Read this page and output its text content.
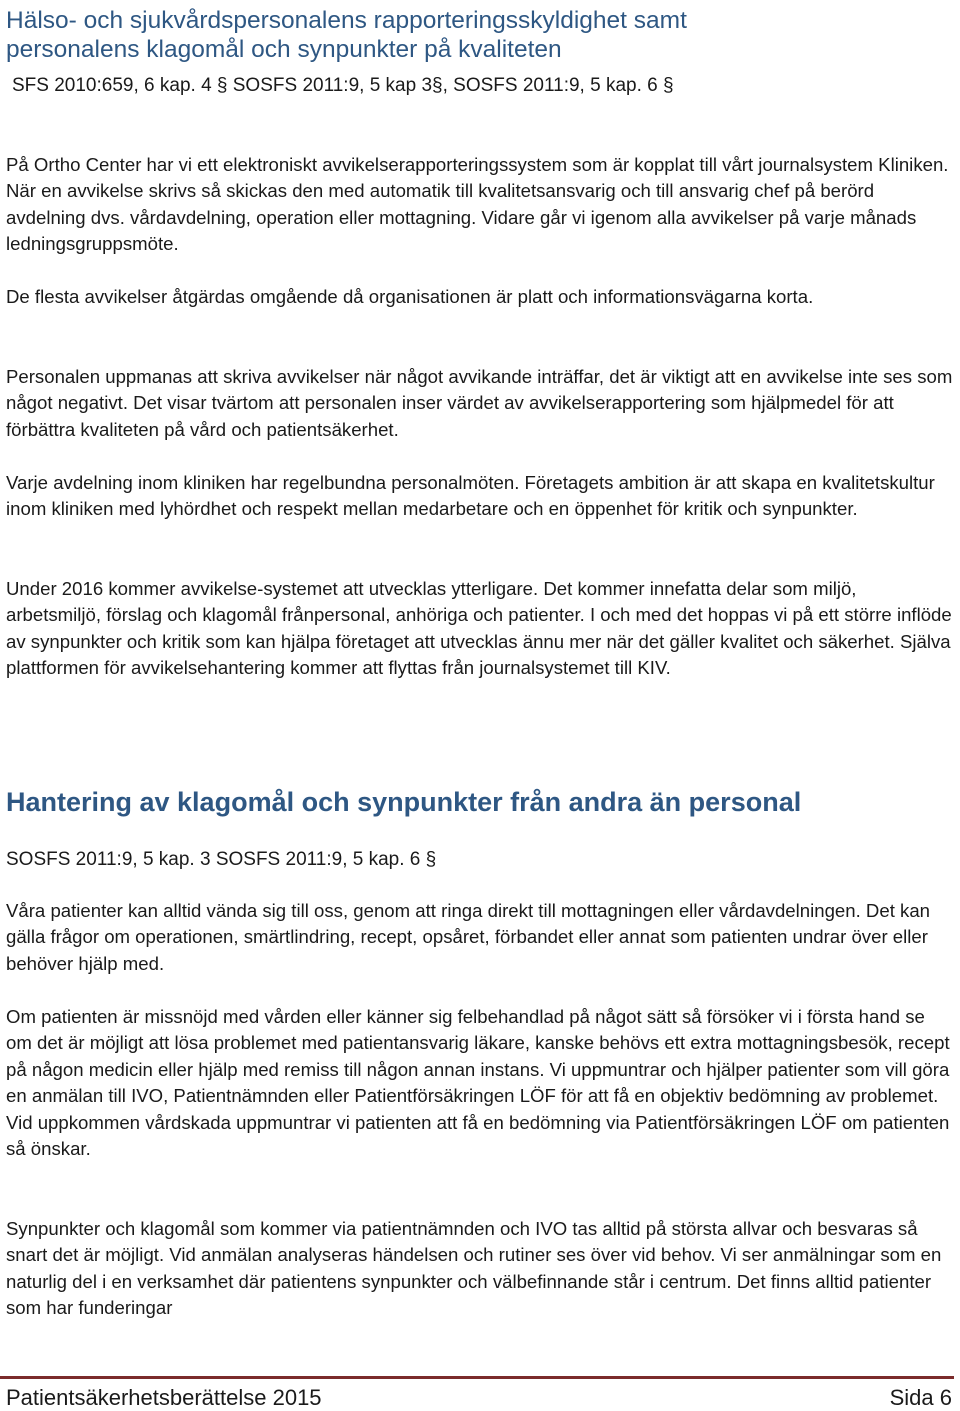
Hälso- och sjukvårdspersonalens rapporteringsskyldighet samt
personalens klagomål och synpunkter på kvaliteten

SFS 2010:659, 6 kap. 4 § SOSFS 2011:9, 5 kap 3§, SOSFS 2011:9, 5 kap. 6 §

På Ortho Center har vi ett elektroniskt avvikelserapporteringssystem som är kopplat till vårt journalsystem Kliniken. När en avvikelse skrivs så skickas den med automatik till kvalitetsansvarig och till ansvarig chef på berörd avdelning dvs. vårdavdelning, operation eller mottagning. Vidare går vi igenom alla avvikelser på varje månads ledningsgruppsmöte.

De flesta avvikelser åtgärdas omgående då organisationen är platt och informationsvägarna korta.

Personalen uppmanas att skriva avvikelser när något avvikande inträffar, det är viktigt att en avvikelse inte ses som något negativt. Det visar tvärtom att personalen inser värdet av avvikelserapportering som hjälpmedel för att förbättra kvaliteten på vård och patientsäkerhet.

Varje avdelning inom kliniken har regelbundna personalmöten. Företagets ambition är att skapa en kvalitetskultur inom kliniken med lyhördhet och respekt mellan medarbetare och en öppenhet för kritik och synpunkter.

Under 2016 kommer avvikelse-systemet att utvecklas ytterligare. Det kommer innefatta delar som miljö, arbetsmiljö, förslag och klagomål frånpersonal, anhöriga och patienter. I och med det hoppas vi på ett större inflöde av synpunkter och kritik som kan hjälpa företaget att utvecklas ännu mer när det gäller kvalitet och säkerhet. Själva plattformen för avvikelsehantering kommer att flyttas från journalsystemet till KIV.

Hantering av klagomål och synpunkter från andra än personal

SOSFS 2011:9, 5 kap. 3 SOSFS 2011:9, 5 kap. 6 §

Våra patienter kan alltid vända sig till oss, genom att ringa direkt till mottagningen eller vårdavdelningen. Det kan gälla frågor om operationen, smärtlindring, recept, opsåret, förbandet eller annat som patienten undrar över eller behöver hjälp med.

Om patienten är missnöjd med vården eller känner sig felbehandlad på något sätt så försöker vi i första hand se om det är möjligt att lösa problemet med patientansvarig läkare, kanske behövs ett extra mottagningsbesök, recept på någon medicin eller hjälp med remiss till någon annan instans. Vi uppmuntrar och hjälper patienter som vill göra en anmälan till IVO, Patientnämnden eller Patientförsäkringen LÖF för att få en objektiv bedömning av problemet. Vid uppkommen vårdskada uppmuntrar vi patienten att få en bedömning via Patientförsäkringen LÖF om patienten så önskar.

Synpunkter och klagomål som kommer via patientnämnden och IVO tas alltid på största allvar och besvaras så snart det är möjligt. Vid anmälan analyseras händelsen och rutiner ses över vid behov. Vi ser anmälningar som en naturlig del i en verksamhet där patientens synpunkter och välbefinnande står i centrum. Det finns alltid patienter som har funderingar

Patientsäkerhetsberättelse 2015	Sida 6
